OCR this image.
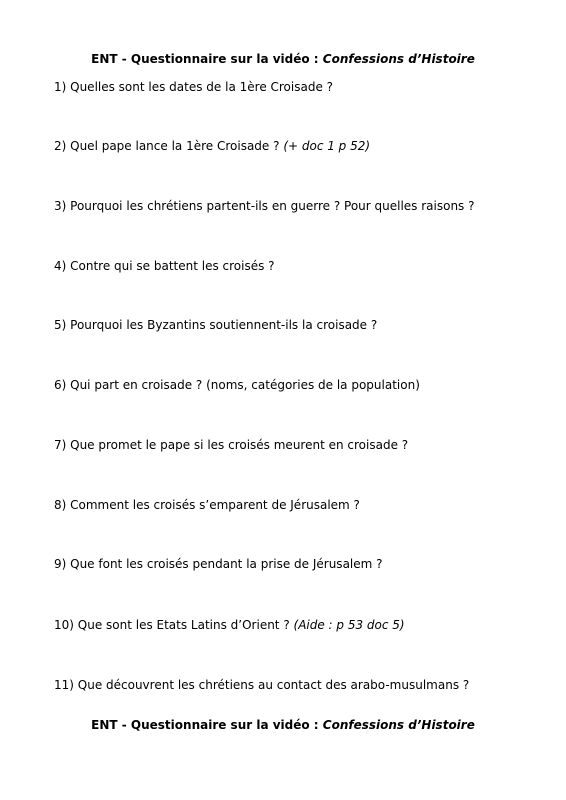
ENT - Questionnaire sur la vidéo : Confessions d’Histoire
1) Quelles sont les dates de la 1ère Croisade ?
2) Quel pape lance la 1ère Croisade ? (+ doc 1 p 52)
3) Pourquoi les chrétiens partent-ils en guerre ? Pour quelles raisons ?
4) Contre qui se battent les croisés ?
5) Pourquoi les Byzantins soutiennent-ils la croisade ?
6) Qui part en croisade ? (noms, catégories de la population)
7) Que promet le pape si les croisés meurent en croisade ?
8) Comment les croisés s’emparent de Jérusalem ?
9) Que font les croisés pendant la prise de Jérusalem ?
10) Que sont les Etats Latins d’Orient ? (Aide : p 53 doc 5)
11) Que découvrent les chrétiens au contact des arabo-musulmans ?
ENT - Questionnaire sur la vidéo : Confessions d’Histoire
